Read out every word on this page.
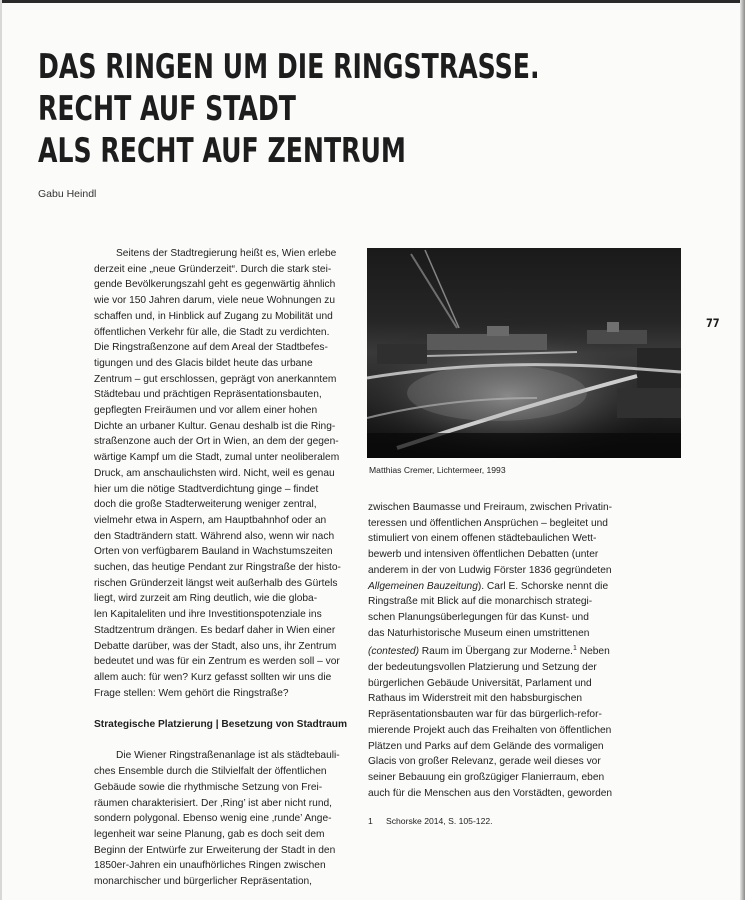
DAS RINGEN UM DIE RINGSTRASSE.
RECHT AUF STADT
ALS RECHT AUF ZENTRUM
Gabu Heindl
77

Seitens der Stadtregierung heißt es, Wien erlebe

derzeit eine „neue Gründerzeit“. Durch die stark stei-

gende Bevölkerungszahl geht es gegenwärtig ähnlich

wie vor 150 Jahren darum, viele neue Wohnungen zu

schaffen und, in Hinblick auf Zugang zu Mobilität und

öffentlichen Verkehr für alle, die Stadt zu verdichten.

Die Ringstraßenzone auf dem Areal der Stadtbefes-

tigungen und des Glacis bildet heute das urbane

Zentrum – gut erschlossen, geprägt von anerkanntem

Städtebau und prächtigen Repräsentationsbauten,

gepflegten Freiräumen und vor allem einer hohen

Dichte an urbaner Kultur. Genau deshalb ist die Ring-

straßenzone auch der Ort in Wien, an dem der gegen-

wärtige Kampf um die Stadt, zumal unter neoliberalem

Druck, am anschaulichsten wird. Nicht, weil es genau

hier um die nötige Stadtverdichtung ginge – findet

doch die große Stadterweiterung weniger zentral,

vielmehr etwa in Aspern, am Hauptbahnhof oder an

den Stadträndern statt. Während also, wenn wir nach

Orten von verfügbarem Bauland in Wachstumszeiten

suchen, das heutige Pendant zur Ringstraße der histo-

rischen Gründerzeit längst weit außerhalb des Gürtels

liegt, wird zurzeit am Ring deutlich, wie die globa-

len Kapitaleliten und ihre Investitionspotenziale ins

Stadtzentrum drängen. Es bedarf daher in Wien einer

Debatte darüber, was der Stadt, also uns, ihr Zentrum

bedeutet und was für ein Zentrum es werden soll – vor

allem auch: für wen? Kurz gefasst sollten wir uns die

Frage stellen: Wem gehört die Ringstraße?

Strategische Platzierung | Besetzung von Stadtraum

Die Wiener Ringstraßenanlage ist als städtebauli-

ches Ensemble durch die Stilvielfalt der öffentlichen

Gebäude sowie die rhythmische Setzung von Frei-

räumen charakterisiert. Der ‚Ring’ ist aber nicht rund,

sondern polygonal. Ebenso wenig eine ‚runde’ Ange-

legenheit war seine Planung, gab es doch seit dem

Beginn der Entwürfe zur Erweiterung der Stadt in den

1850er-Jahren ein unaufhörliches Ringen zwischen

monarchischer und bürgerlicher Repräsentation,

Matthias Cremer, Lichtermeer, 1993

zwischen Baumasse und Freiraum, zwischen Privatin-

teressen und öffentlichen Ansprüchen – begleitet und

stimuliert von einem offenen städtebaulichen Wett-

bewerb und intensiven öffentlichen Debatten (unter

anderem in der von Ludwig Förster 1836 gegründeten

Allgemeinen Bauzeitung). Carl E. Schorske nennt die

Ringstraße mit Blick auf die monarchisch strategi-

schen Planungsüberlegungen für das Kunst- und

das Naturhistorische Museum einen umstrittenen

(contested) Raum im Übergang zur Moderne.$^1$ Neben

der bedeutungsvollen Platzierung und Setzung der

bürgerlichen Gebäude Universität, Parlament und

Rathaus im Widerstreit mit den habsburgischen

Repräsentationsbauten war für das bürgerlich-refor-

mierende Projekt auch das Freihalten von öffentlichen

Plätzen und Parks auf dem Gelände des vormaligen

Glacis von großer Relevanz, gerade weil dieses vor

seiner Bebauung ein großzügiger Flanierraum, eben

auch für die Menschen aus den Vorstädten, geworden

1 Schorske 2014, S. 105-122.
